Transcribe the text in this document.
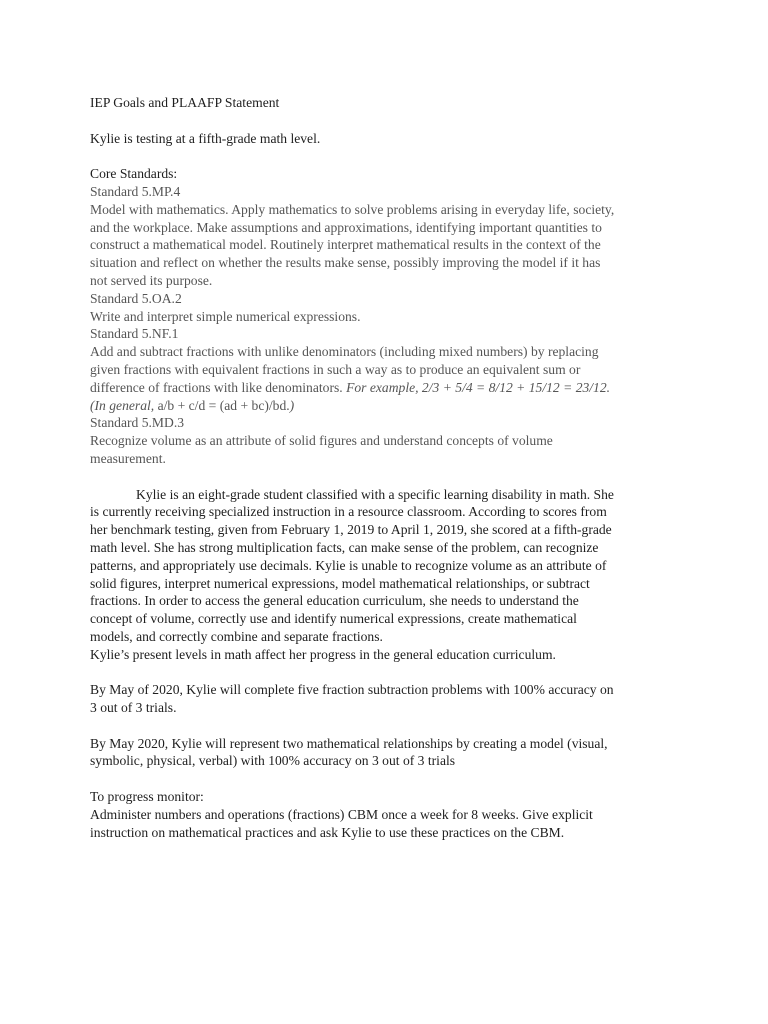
IEP Goals and PLAAFP Statement
Kylie is testing at a fifth-grade math level.
Core Standards:
Standard 5.MP.4
Model with mathematics. Apply mathematics to solve problems arising in everyday life, society,
and the workplace. Make assumptions and approximations, identifying important quantities to
construct a mathematical model. Routinely interpret mathematical results in the context of the
situation and reflect on whether the results make sense, possibly improving the model if it has
not served its purpose.
Standard 5.OA.2
Write and interpret simple numerical expressions.
Standard 5.NF.1
Add and subtract fractions with unlike denominators (including mixed numbers) by replacing
given fractions with equivalent fractions in such a way as to produce an equivalent sum or
difference of fractions with like denominators. For example, 2/3 + 5/4 = 8/12 + 15/12 = 23/12.
(In general, a/b + c/d = (ad + bc)/bd.)
Standard 5.MD.3
Recognize volume as an attribute of solid figures and understand concepts of volume
measurement.
Kylie is an eight-grade student classified with a specific learning disability in math. She
is currently receiving specialized instruction in a resource classroom. According to scores from
her benchmark testing, given from February 1, 2019 to April 1, 2019, she scored at a fifth-grade
math level. She has strong multiplication facts, can make sense of the problem, can recognize
patterns, and appropriately use decimals. Kylie is unable to recognize volume as an attribute of
solid figures, interpret numerical expressions, model mathematical relationships, or subtract
fractions. In order to access the general education curriculum, she needs to understand the
concept of volume, correctly use and identify numerical expressions, create mathematical
models, and correctly combine and separate fractions.
Kylie’s present levels in math affect her progress in the general education curriculum.
By May of 2020, Kylie will complete five fraction subtraction problems with 100% accuracy on
3 out of 3 trials.
By May 2020, Kylie will represent two mathematical relationships by creating a model (visual,
symbolic, physical, verbal) with 100% accuracy on 3 out of 3 trials
To progress monitor:
Administer numbers and operations (fractions) CBM once a week for 8 weeks. Give explicit
instruction on mathematical practices and ask Kylie to use these practices on the CBM.
